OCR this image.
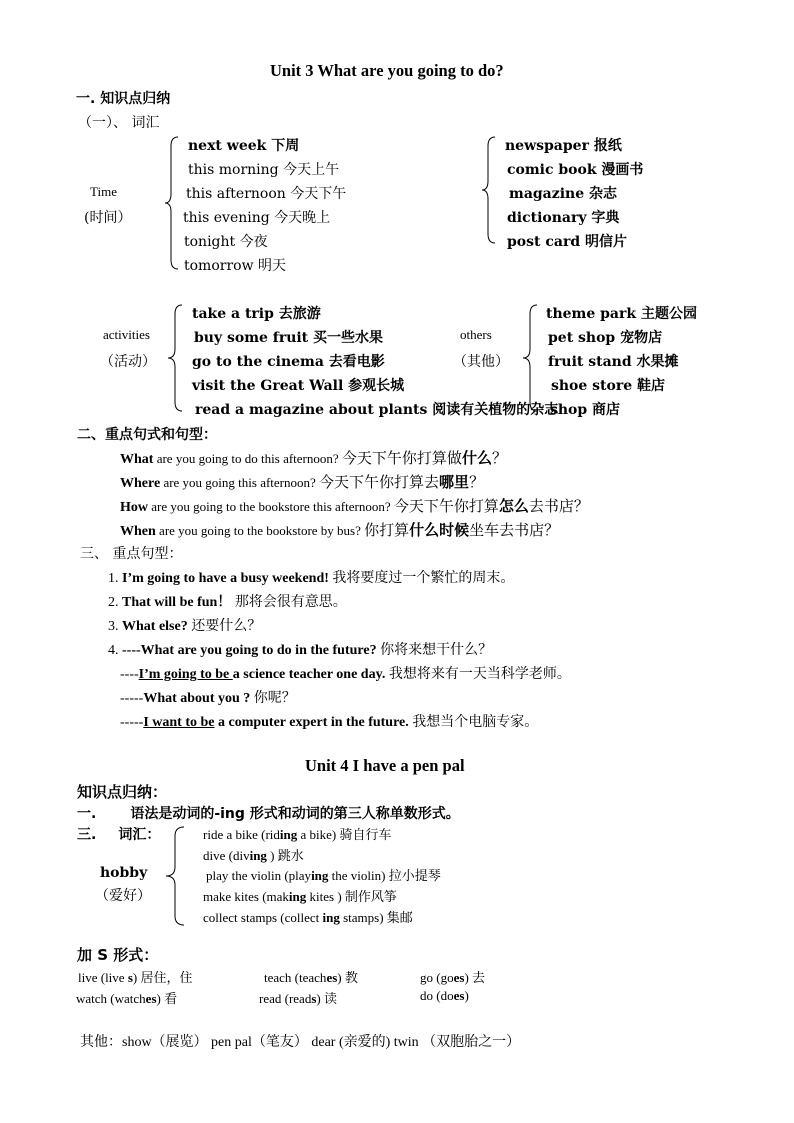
Unit 3 What are you going to do?
一. 知识点归纳
（一）、 词汇
Time
(时间）
next week 下周
this morning 今天上午
this afternoon 今天下午
this evening 今天晚上
tonight 今夜
tomorrow 明天
newspaper 报纸
comic book 漫画书
magazine 杂志
dictionary 字典
post card 明信片
activities
（活动）
take a trip 去旅游
buy some fruit 买一些水果
go to the cinema 去看电影
visit the Great Wall 参观长城
read a magazine about plants 阅读有关植物的杂志
others
（其他）
theme park 主题公园
pet shop 宠物店
fruit stand 水果摊
shoe store 鞋店
shop 商店
二、重点句式和句型：
What are you going to do this afternoon? 今天下午你打算做什么？
Where are you going this afternoon? 今天下午你打算去哪里？
How are you going to the bookstore this afternoon? 今天下午你打算怎么去书店？
When are you going to the bookstore by bus? 你打算什么时候坐车去书店？
三、 重点句型：
1. I’m going to have a busy weekend! 我将要度过一个繁忙的周末。
2. That will be fun！ 那将会很有意思。
3. What else? 还要什么？
4. ----What are you going to do in the future? 你将来想干什么？
----I’m going to be a science teacher one day. 我想将来有一天当科学老师。
-----What about you ? 你呢？
-----I want to be a computer expert in the future. 我想当个电脑专家。
Unit 4 I have a pen pal
知识点归纳：
一. 语法是动词的-ing 形式和动词的第三人称单数形式。
三. 词汇：
hobby
（爱好）
ride a bike (riding a bike) 骑自行车
dive (diving ) 跳水
play the violin (playing the violin) 拉小提琴
make kites (making kites ) 制作风筝
collect stamps (collect ing stamps) 集邮
加 S 形式：
live (live s) 居住，住	teach (teaches) 教	go (goes) 去
watch (watches) 看	read (reads) 读	do (does)
其他：show（展览） pen pal（笔友） dear (亲爱的) twin （双胞胎之一）
